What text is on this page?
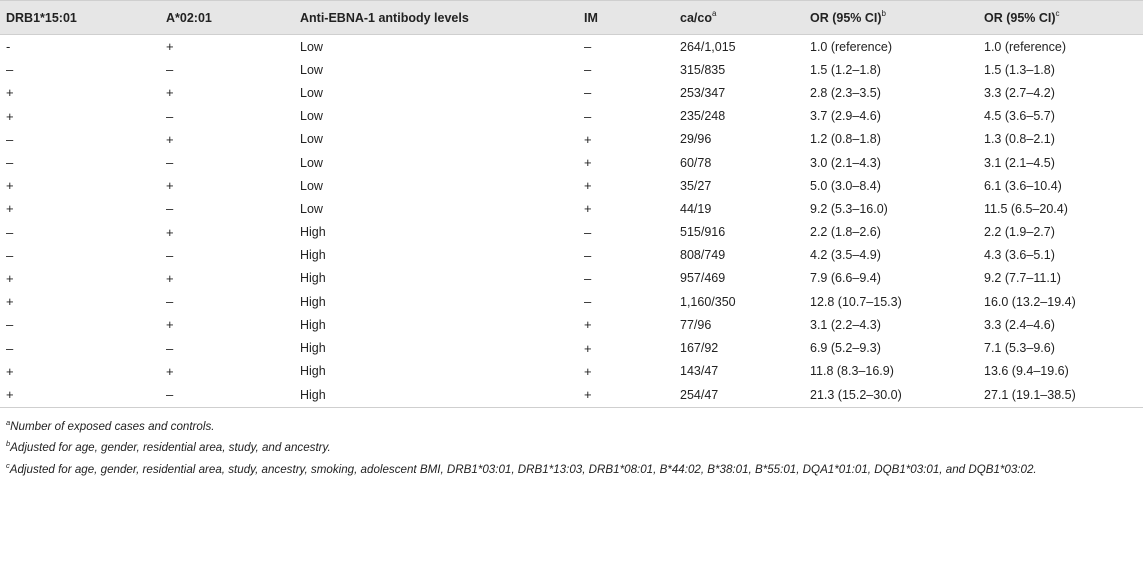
DRB1*15:01	A*02:01	Anti-EBNA-1 antibody levels	IM	$ca/co^a$	OR (95% CI)$^b$	OR (95% CI)$^c$
-	+	Low	–	264/1,015	1.0 (reference)	1.0 (reference)
–	–	Low	–	315/835	1.5 (1.2–1.8)	1.5 (1.3–1.8)
+	+	Low	–	253/347	2.8 (2.3–3.5)	3.3 (2.7–4.2)
+	–	Low	–	235/248	3.7 (2.9–4.6)	4.5 (3.6–5.7)
–	+	Low	+	29/96	1.2 (0.8–1.8)	1.3 (0.8–2.1)
–	–	Low	+	60/78	3.0 (2.1–4.3)	3.1 (2.1–4.5)
+	+	Low	+	35/27	5.0 (3.0–8.4)	6.1 (3.6–10.4)
+	–	Low	+	44/19	9.2 (5.3–16.0)	11.5 (6.5–20.4)
–	+	High	–	515/916	2.2 (1.8–2.6)	2.2 (1.9–2.7)
–	–	High	–	808/749	4.2 (3.5–4.9)	4.3 (3.6–5.1)
+	+	High	–	957/469	7.9 (6.6–9.4)	9.2 (7.7–11.1)
+	–	High	–	1,160/350	12.8 (10.7–15.3)	16.0 (13.2–19.4)
–	+	High	+	77/96	3.1 (2.2–4.3)	3.3 (2.4–4.6)
–	–	High	+	167/92	6.9 (5.2–9.3)	7.1 (5.3–9.6)
+	+	High	+	143/47	11.8 (8.3–16.9)	13.6 (9.4–19.6)
+	–	High	+	254/47	21.3 (15.2–30.0)	27.1 (19.1–38.5)

$^a$Number of exposed cases and controls.

$^b$Adjusted for age, gender, residential area, study, and ancestry.

$^c$Adjusted for age, gender, residential area, study, ancestry, smoking, adolescent BMI, DRB1*03:01, DRB1*13:03, DRB1*08:01, B*44:02, B*38:01, B*55:01, DQA1*01:01, DQB1*03:01, and DQB1*03:02.
